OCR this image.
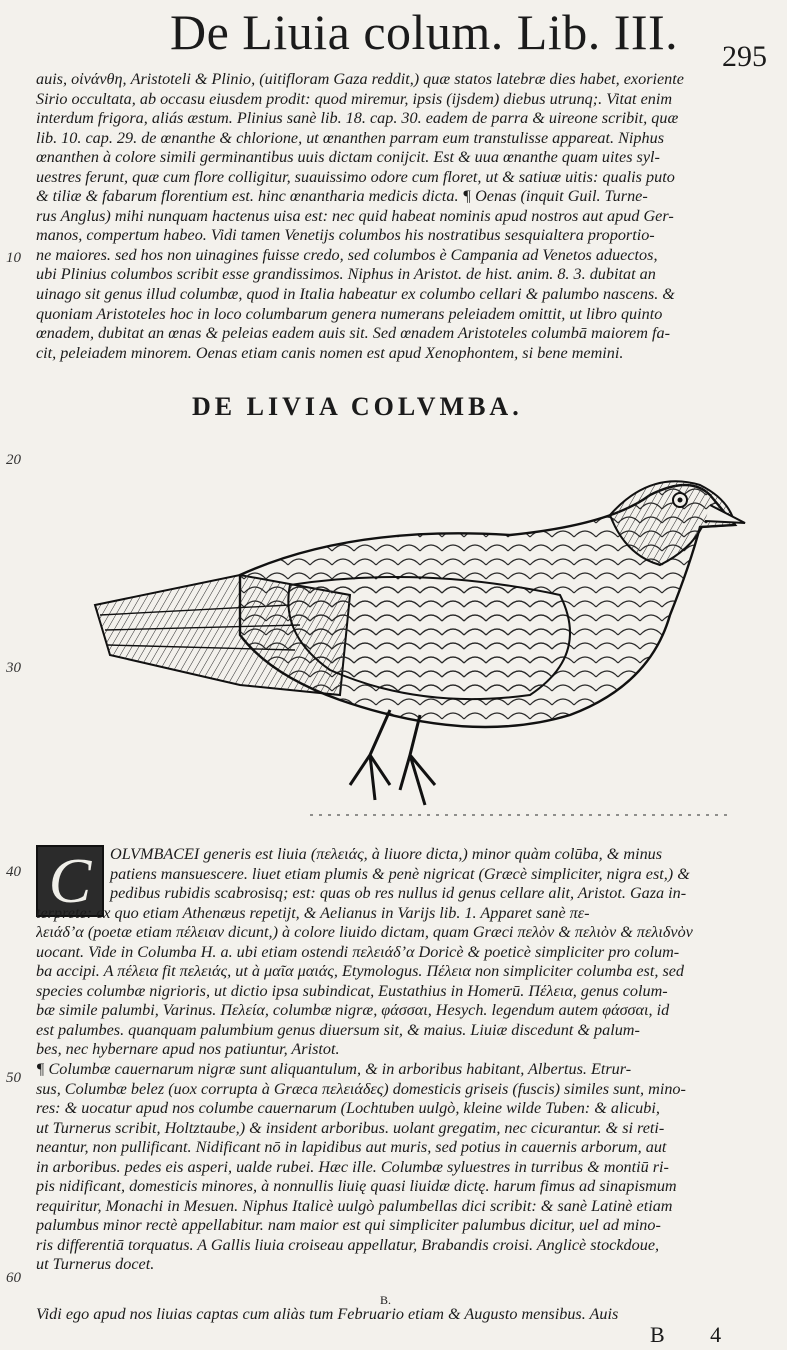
De Liuia colum. Lib. III. 295
10
20
30
40
50
60
auis, οἰνάνθη, Aristoteli & Plinio, (uitifloram Gaza reddit,) quæ statos latebræ dies habet, exoriente
Sirio occultata, ab occasu eiusdem prodit: quod miremur, ipsis (ijsdem) diebus utrunq;. Vitat enim
interdum frigora, aliás æstum. Plinius sanè lib. 18. cap. 30. eadem de parra & uireone scribit, quæ
lib. 10. cap. 29. de œnanthe & chlorione, ut œnanthen parram eum transtulisse appareat. Niphus
œnanthen à colore simili germinantibus uuis dictam conijcit. Est & uua œnanthe quam uites syl-
uestres ferunt, quæ cum flore colligitur, suauissimo odore cum floret, ut & satiuæ uitis: qualis puto
& tiliæ & fabarum florentium est. hinc œnantharia medicis dicta. ¶ Oenas (inquit Guil. Turne-
rus Anglus) mihi nunquam hactenus uisa est: nec quid habeat nominis apud nostros aut apud Ger-
manos, compertum habeo. Vidi tamen Venetijs columbos his nostratibus sesquialtera proportio-
ne maiores. sed hos non uinagines fuisse credo, sed columbos è Campania ad Venetos aduectos,
ubi Plinius columbos scribit esse grandissimos. Niphus in Aristot. de hist. anim. 8. 3. dubitat an
uinago sit genus illud columbæ, quod in Italia habeatur ex columbo cellari & palumbo nascens. &
quoniam Aristoteles hoc in loco columbarum genera numerans peleiadem omittit, ut libro quinto
œnadem, dubitat an œnas & peleias eadem auis sit. Sed œnadem Aristoteles columbā maiorem fa-
cit, peleiadem minorem. Oenas etiam canis nomen est apud Xenophontem, si bene memini.
DE LIVIA COLVMBA.
C	OLVMBACEI generis est liuia (πελειάς, à liuore dicta,) minor quàm colūba, & minus
patiens mansuescere. liuet etiam plumis & penè nigricat (Græcè simpliciter, nigra est,) &
pedibus rubidis scabrosisq; est: quas ob res nullus id genus cellare alit, Aristot. Gaza in-
terprete: ex quo etiam Athenæus repetijt, & Aelianus in Varijs lib. 1. Apparet sanè πε-
λειάδ’α (poetæ etiam πέλειαν dicunt,) à colore liuido dictam, quam Græci πελὸν & πελιὸν & πελιδνὸν
uocant. Vide in Columba H. a. ubi etiam ostendi πελειάδ’α Doricè & poeticè simpliciter pro colum-
ba accipi. A πέλεια fit πελειάς, ut à μαῖα μαιάς, Etymologus. Πέλεια non simpliciter columba est, sed
species columbæ nigrioris, ut dictio ipsa subindicat, Eustathius in Homerū. Πέλεια, genus colum-
bæ simile palumbi, Varinus. Πελεία, columbæ nigræ, φάσσαι, Hesych. legendum autem φάσσαι, id
est palumbes. quanquam palumbium genus diuersum sit, & maius. Liuiæ discedunt & palum-
bes, nec hybernare apud nos patiuntur, Aristot.
¶ Columbæ cauernarum nigræ sunt aliquantulum, & in arboribus habitant, Albertus. Etrur-
sus, Columbæ belez (uox corrupta à Græca πελειάδες) domesticis griseis (fuscis) similes sunt, mino-
res: & uocatur apud nos columbe cauernarum (Lochtuben uulgò, kleine wilde Tuben: & alicubi,
ut Turnerus scribit, Holtztaube,) & insident arboribus. uolant gregatim, nec cicurantur. & si reti-
neantur, non pullificant. Nidificant nō in lapidibus aut muris, sed potius in cauernis arborum, aut
in arboribus. pedes eis asperi, ualde rubei. Hæc ille. Columbæ syluestres in turribus & montiū ri-
pis nidificant, domesticis minores, à nonnullis liuię quasi liuidæ dictę. harum fimus ad sinapismum
requiritur, Monachi in Mesuen. Niphus Italicè uulgò palumbellas dici scribit: & sanè Latinè etiam
palumbus minor rectè appellabitur. nam maior est qui simpliciter palumbus dicitur, uel ad mino-
ris differentiā torquatus. A Gallis liuia croiseau appellatur, Brabandis croisi. Anglicè stockdoue,
ut Turnerus docet.
B.
Vidi ego apud nos liuias captas cum aliàs tum Februario etiam & Augusto mensibus. Auis
B 4
